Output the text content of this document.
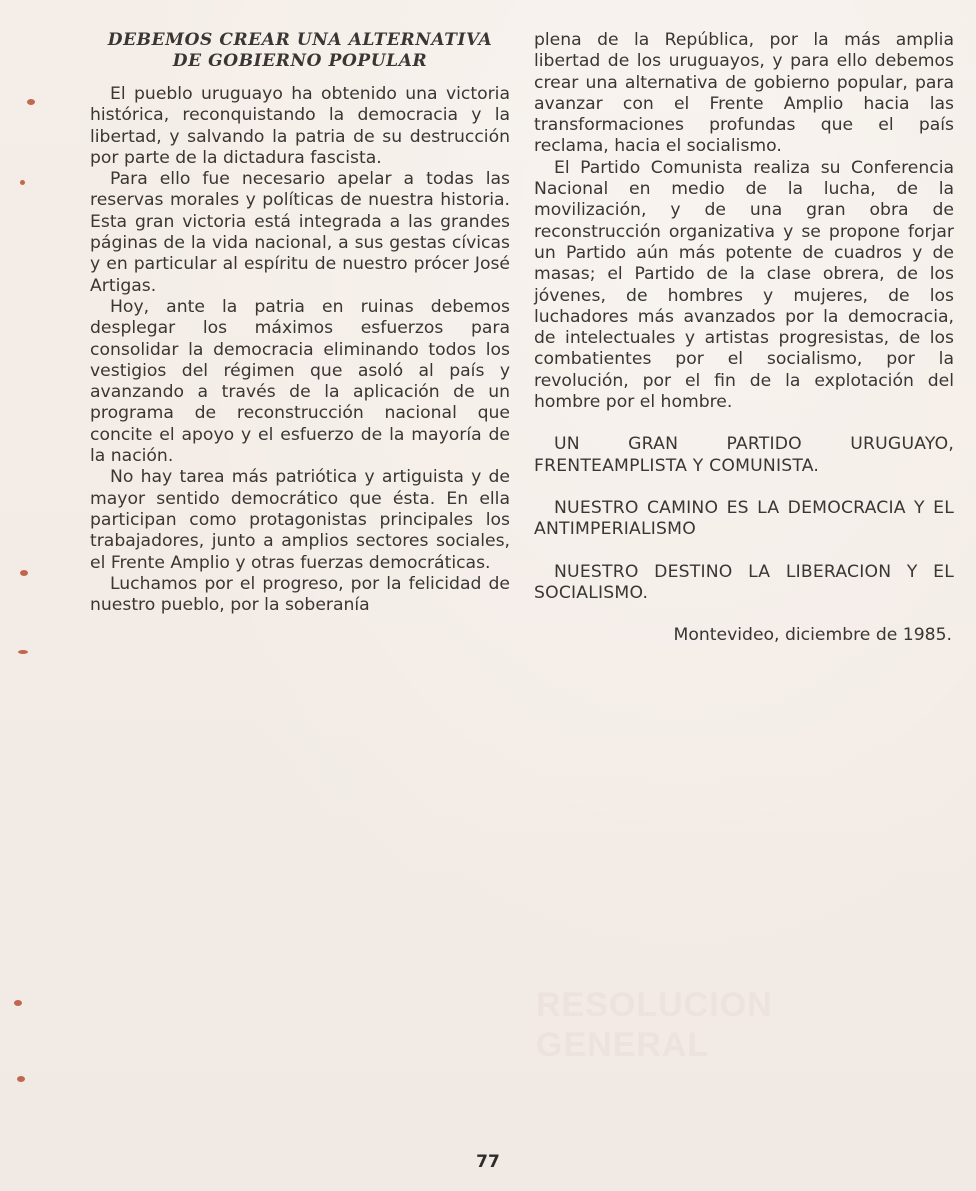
RESOLUCION
GENERAL
DEBEMOS CREAR UNA ALTERNATIVA
DE GOBIERNO POPULAR

El pueblo uruguayo ha obtenido una victoria histórica, reconquistando la democracia y la libertad, y salvando la patria de su destrucción por parte de la dictadura fascista.

Para ello fue necesario apelar a todas las reservas morales y políticas de nuestra historia. Esta gran victoria está integrada a las grandes páginas de la vida nacional, a sus gestas cívicas y en particular al espíritu de nuestro prócer José Artigas.

Hoy, ante la patria en ruinas debemos desplegar los máximos esfuerzos para consolidar la democracia eliminando todos los vestigios del régimen que asoló al país y avanzando a través de la aplicación de un programa de reconstrucción nacional que concite el apoyo y el esfuerzo de la mayoría de la nación.

No hay tarea más patriótica y artiguista y de mayor sentido democrático que ésta. En ella participan como protagonistas principales los trabajadores, junto a amplios sectores sociales, el Frente Amplio y otras fuerzas democráticas.

Luchamos por el progreso, por la felicidad de nuestro pueblo, por la soberanía

plena de la República, por la más amplia libertad de los uruguayos, y para ello debemos crear una alternativa de gobierno popular, para avanzar con el Frente Amplio hacia las transformaciones profundas que el país reclama, hacia el socialismo.

El Partido Comunista realiza su Conferencia Nacional en medio de la lucha, de la movilización, y de una gran obra de reconstrucción organizativa y se propone forjar un Partido aún más potente de cuadros y de masas; el Partido de la clase obrera, de los jóvenes, de hombres y mujeres, de los luchadores más avanzados por la democracia, de intelectuales y artistas progresistas, de los combatientes por el socialismo, por la revolución, por el fin de la explotación del hombre por el hombre.

UN GRAN PARTIDO URUGUAYO, FRENTEAMPLISTA Y COMUNISTA.

NUESTRO CAMINO ES LA DEMOCRACIA Y EL ANTIMPERIALISMO

NUESTRO DESTINO LA LIBERACION Y EL SOCIALISMO.

Montevideo, diciembre de 1985.

77
